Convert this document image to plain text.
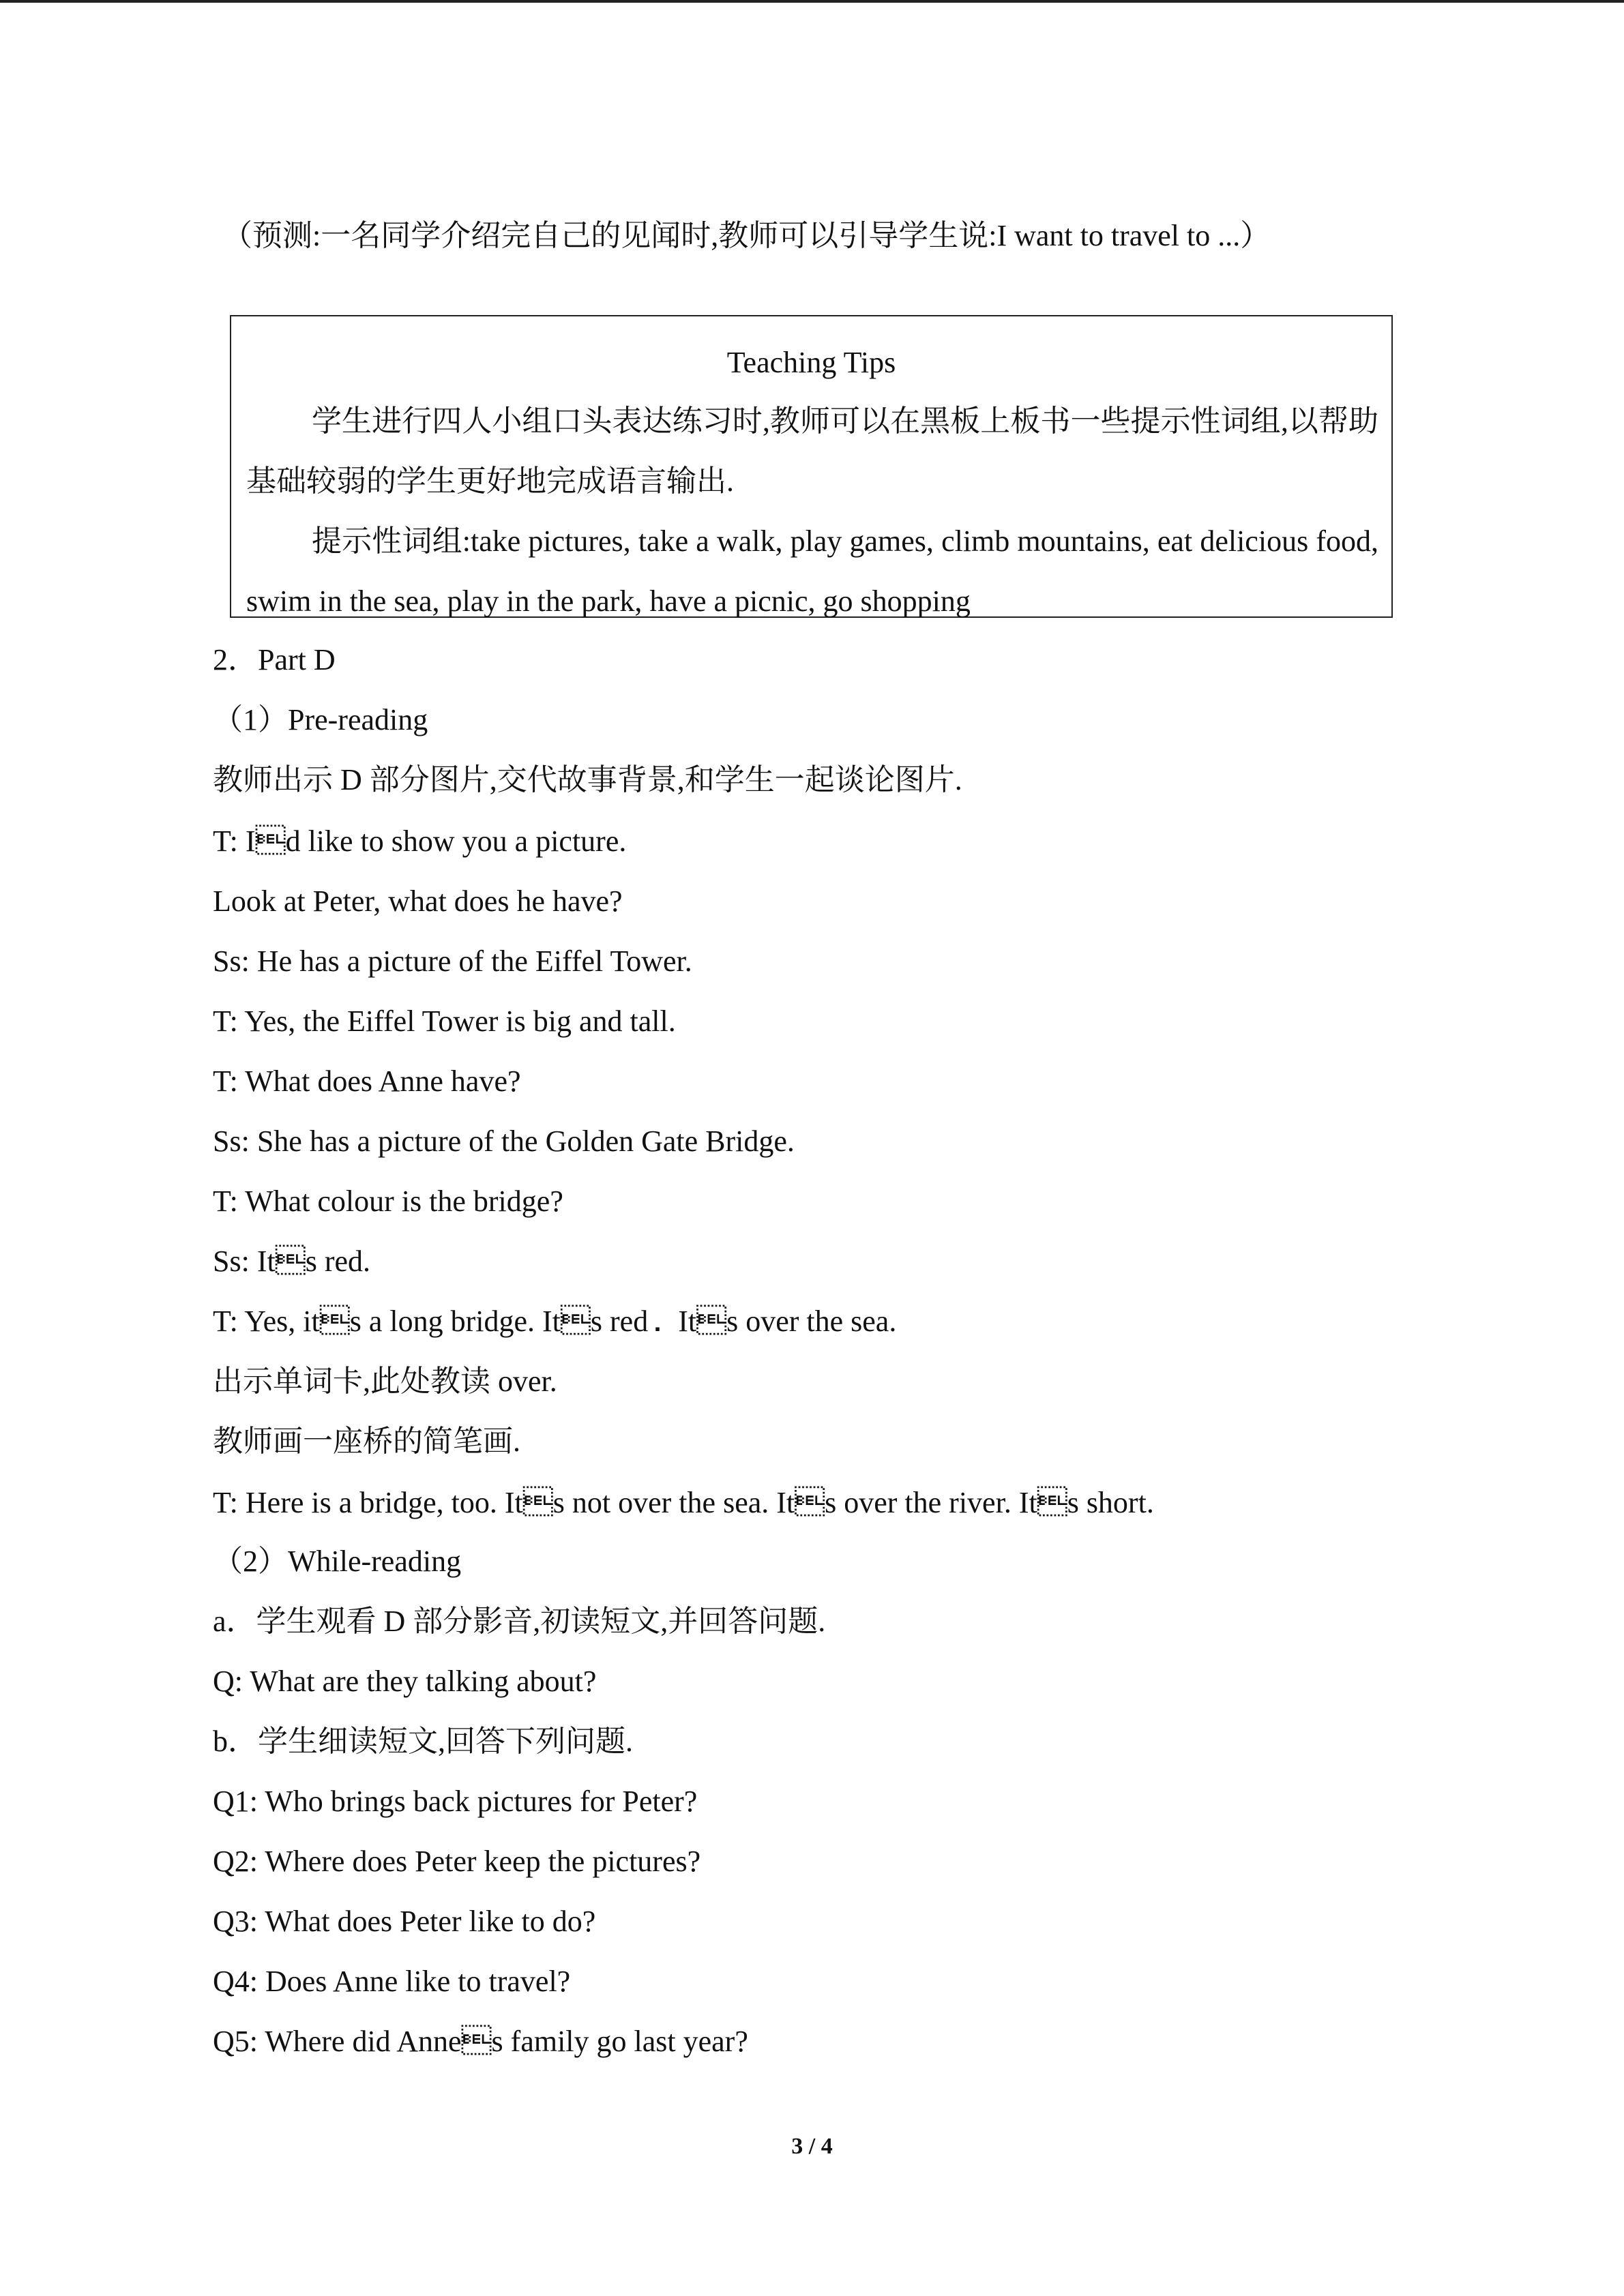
（预测:一名同学介绍完自己的见闻时,教师可以引导学生说:I want to travel to ...）
Teaching Tips
学生进行四人小组口头表达练习时,教师可以在黑板上板书一些提示性词组,以帮助基础较弱的学生更好地完成语言输出.
提示性词组:take pictures, take a walk, play games, climb mountains, eat delicious food, swim in the sea, play in the park, have a picnic, go shopping
2．Part D
（1）Pre-reading
教师出示 D 部分图片,交代故事背景,和学生一起谈论图片.
T: Id like to show you a picture.
Look at Peter, what does he have?
Ss: He has a picture of the Eiffel Tower.
T: Yes, the Eiffel Tower is big and tall.
T: What does Anne have?
Ss: She has a picture of the Golden Gate Bridge.
T: What colour is the bridge?
Ss: Its red.
T: Yes, its a long bridge. Its red．Its over the sea.
出示单词卡,此处教读 over.
教师画一座桥的简笔画.
T: Here is a bridge, too. Its not over the sea. Its over the river. Its short.
（2）While-reading
a．学生观看 D 部分影音,初读短文,并回答问题.
Q: What are they talking about?
b．学生细读短文,回答下列问题.
Q1: Who brings back pictures for Peter?
Q2: Where does Peter keep the pictures?
Q3: What does Peter like to do?
Q4: Does Anne like to travel?
Q5: Where did Annes family go last year?
3 / 4
